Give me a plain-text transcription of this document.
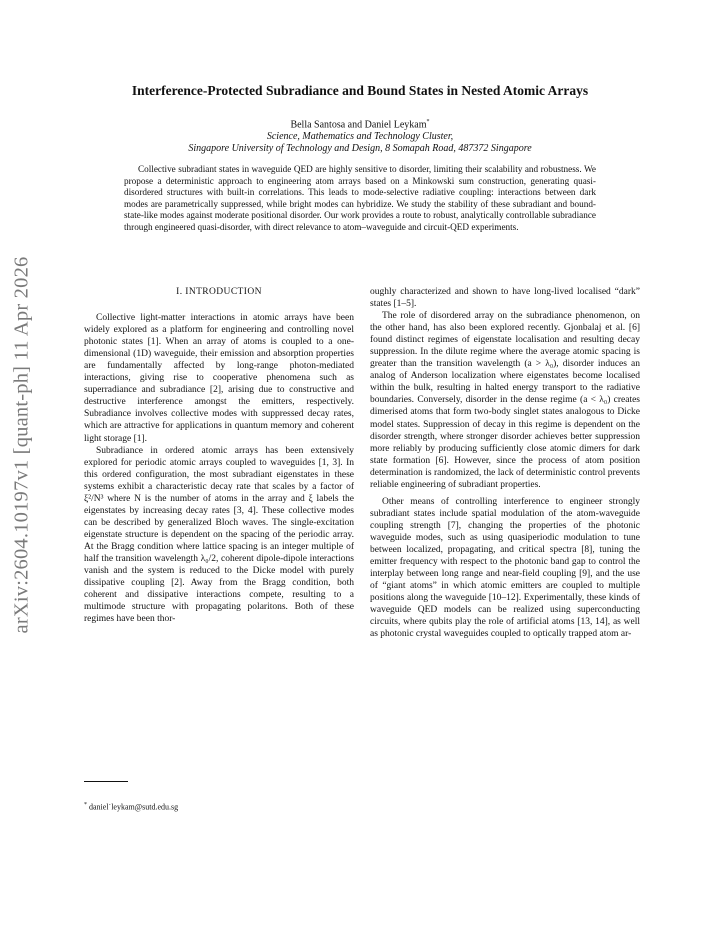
arXiv:2604.10197v1 [quant-ph] 11 Apr 2026
Interference-Protected Subradiance and Bound States in Nested Atomic Arrays
Bella Santosa and Daniel Leykam*
Science, Mathematics and Technology Cluster,
Singapore University of Technology and Design, 8 Somapah Road, 487372 Singapore

Collective subradiant states in waveguide QED are highly sensitive to disorder, limiting their scalability and robustness. We propose a deterministic approach to engineering atom arrays based on a Minkowski sum construction, generating quasi-disordered structures with built-in correlations. This leads to mode-selective radiative coupling: interactions between dark modes are parametrically suppressed, while bright modes can hybridize. We study the stability of these subradiant and bound-state-like modes against moderate positional disorder. Our work provides a route to robust, analytically controllable subradiance through engineered quasi-disorder, with direct relevance to atom–waveguide and circuit-QED experiments.

I. INTRODUCTION

Collective light-matter interactions in atomic arrays have been widely explored as a platform for engineering and controlling novel photonic states [1]. When an array of atoms is coupled to a one-dimensional (1D) waveguide, their emission and absorption properties are fundamentally affected by long-range photon-mediated interactions, giving rise to cooperative phenomena such as superradiance and subradiance [2], arising due to constructive and destructive interference amongst the emitters, respectively. Subradiance involves collective modes with suppressed decay rates, which are attractive for applications in quantum memory and coherent light storage [1].

Subradiance in ordered atomic arrays has been extensively explored for periodic atomic arrays coupled to waveguides [1, 3]. In this ordered configuration, the most subradiant eigenstates in these systems exhibit a characteristic decay rate that scales by a factor of ξ²/N³ where N is the number of atoms in the array and ξ labels the eigenstates by increasing decay rates [3, 4]. These collective modes can be described by generalized Bloch waves. The single-excitation eigenstate structure is dependent on the spacing of the periodic array. At the Bragg condition where lattice spacing is an integer multiple of half the transition wavelength λ₀/2, coherent dipole-dipole interactions vanish and the system is reduced to the Dicke model with purely dissipative coupling [2]. Away from the Bragg condition, both coherent and dissipative interactions compete, resulting to a multimode structure with propagating polaritons. Both of these regimes have been thor-

oughly characterized and shown to have long-lived localised “dark” states [1–5].

The role of disordered array on the subradiance phenomenon, on the other hand, has also been explored recently. Gjonbalaj et al. [6] found distinct regimes of eigenstate localisation and resulting decay suppression. In the dilute regime where the average atomic spacing is greater than the transition wavelength (a > λ₀), disorder induces an analog of Anderson localization where eigenstates become localised within the bulk, resulting in halted energy transport to the radiative boundaries. Conversely, disorder in the dense regime (a < λ₀) creates dimerised atoms that form two-body singlet states analogous to Dicke model states. Suppression of decay in this regime is dependent on the disorder strength, where stronger disorder achieves better suppression more reliably by producing sufficiently close atomic dimers for dark state formation [6]. However, since the process of atom position determination is randomized, the lack of deterministic control prevents reliable engineering of subradiant properties.

Other means of controlling interference to engineer strongly subradiant states include spatial modulation of the atom-waveguide coupling strength [7], changing the properties of the photonic waveguide modes, such as using quasiperiodic modulation to tune between localized, propagating, and critical spectra [8], tuning the emitter frequency with respect to the photonic band gap to control the interplay between long range and near-field coupling [9], and the use of “giant atoms” in which atomic emitters are coupled to multiple positions along the waveguide [10–12]. Experimentally, these kinds of waveguide QED models can be realized using superconducting circuits, where qubits play the role of artificial atoms [13, 14], as well as photonic crystal waveguides coupled to optically trapped atom ar-

* daniel˙leykam@sutd.edu.sg
